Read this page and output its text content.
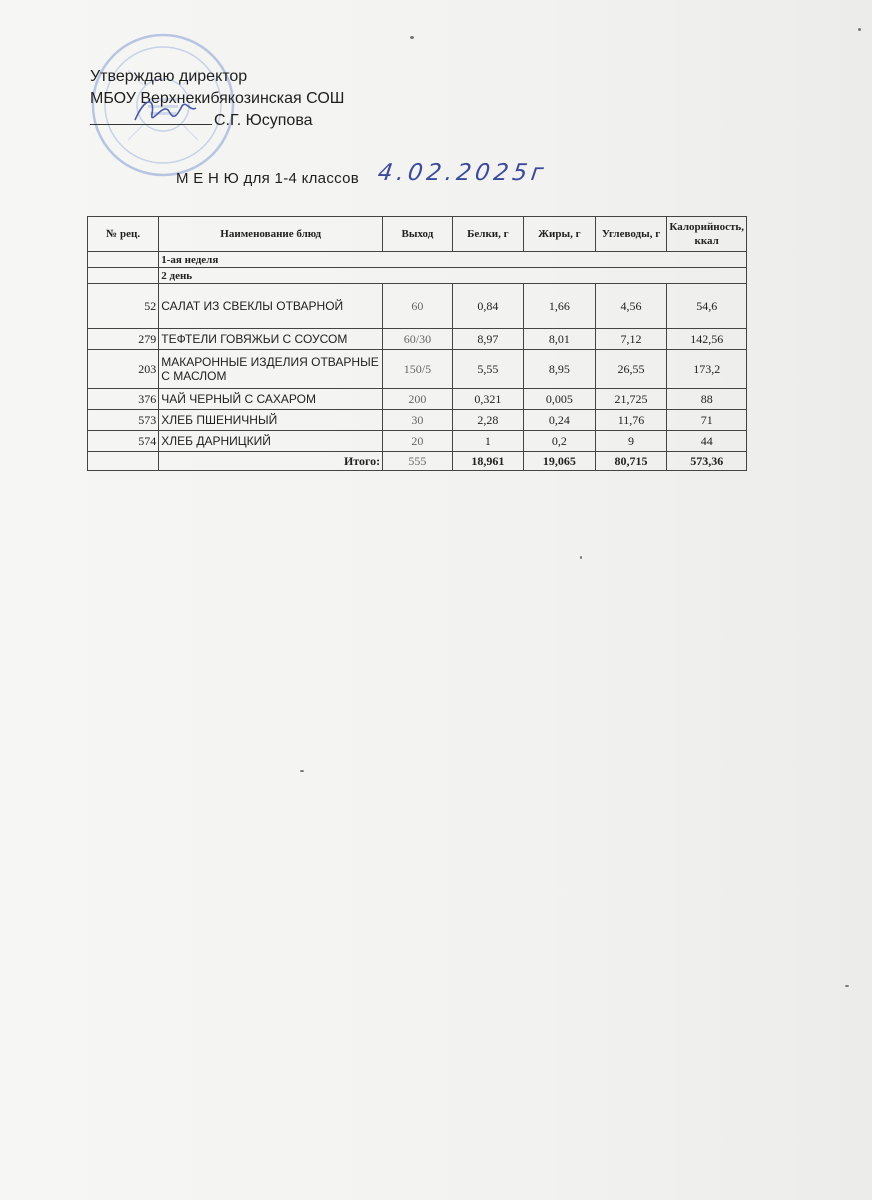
Утверждаю директор
МБОУ Верхнекибякозинская СОШ
С.Г. Юсупова
М Е Н Ю для 1-4 классов 4.02.2025г
№ рец.	Наименование блюд	Выход	Белки, г	Жиры, г	Углеводы, г	Калорийность, ккал
	1-ая неделя					
	2 день					
52	САЛАТ ИЗ СВЕКЛЫ ОТВАРНОЙ	60	0,84	1,66	4,56	54,6
279	ТЕФТЕЛИ ГОВЯЖЬИ С СОУСОМ	60/30	8,97	8,01	7,12	142,56
203	МАКАРОННЫЕ ИЗДЕЛИЯ ОТВАРНЫЕ С МАСЛОМ	150/5	5,55	8,95	26,55	173,2
376	ЧАЙ ЧЕРНЫЙ С САХАРОМ	200	0,321	0,005	21,725	88
573	ХЛЕБ ПШЕНИЧНЫЙ	30	2,28	0,24	11,76	71
574	ХЛЕБ ДАРНИЦКИЙ	20	1	0,2	9	44
	Итого:	555	18,961	19,065	80,715	573,36
